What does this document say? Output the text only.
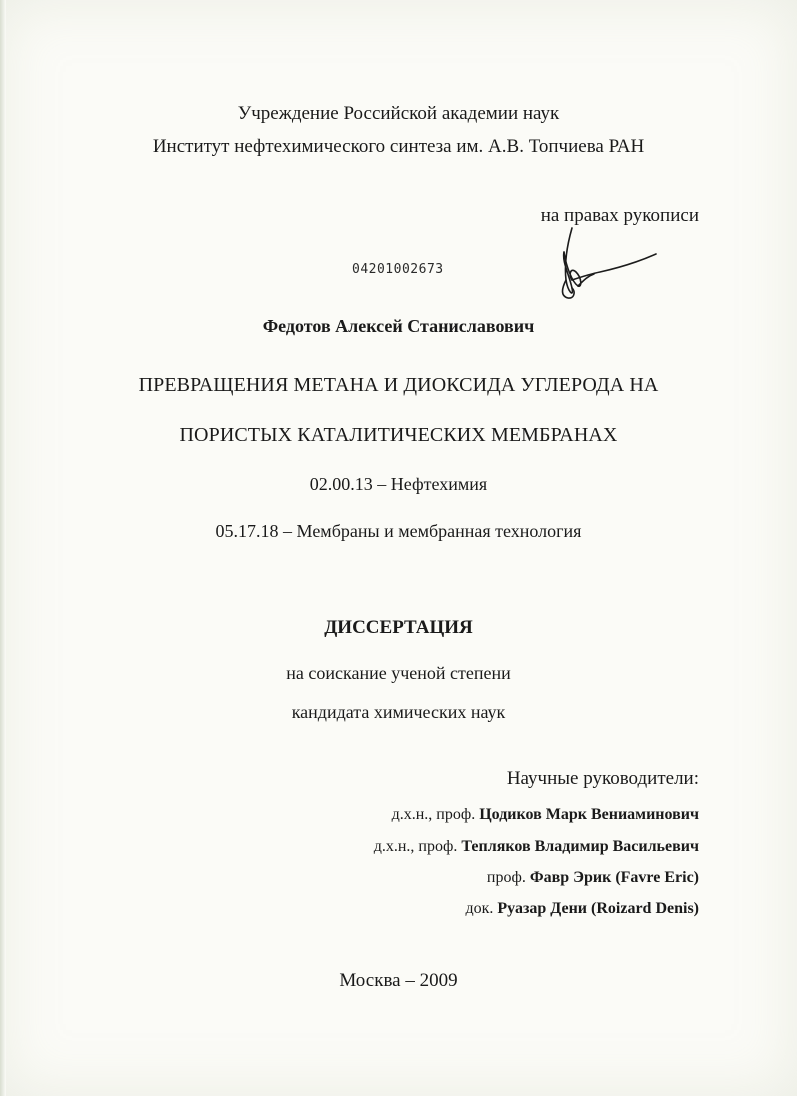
Учреждение Российской академии наук
Институт нефтехимического синтеза им. А.В. Топчиева РАН
на правах рукописи
04201002673
Федотов Алексей Станиславович
ПРЕВРАЩЕНИЯ МЕТАНА И ДИОКСИДА УГЛЕРОДА НА
ПОРИСТЫХ КАТАЛИТИЧЕСКИХ МЕМБРАНАХ
02.00.13 – Нефтехимия
05.17.18 – Мембраны и мембранная технология
ДИССЕРТАЦИЯ
на соискание ученой степени
кандидата химических наук
Научные руководители:
д.х.н., проф. Цодиков Марк Вениаминович
д.х.н., проф. Тепляков Владимир Васильевич
проф. Фавр Эрик (Favre Eric)
док. Руазар Дени (Roizard Denis)
Москва – 2009
